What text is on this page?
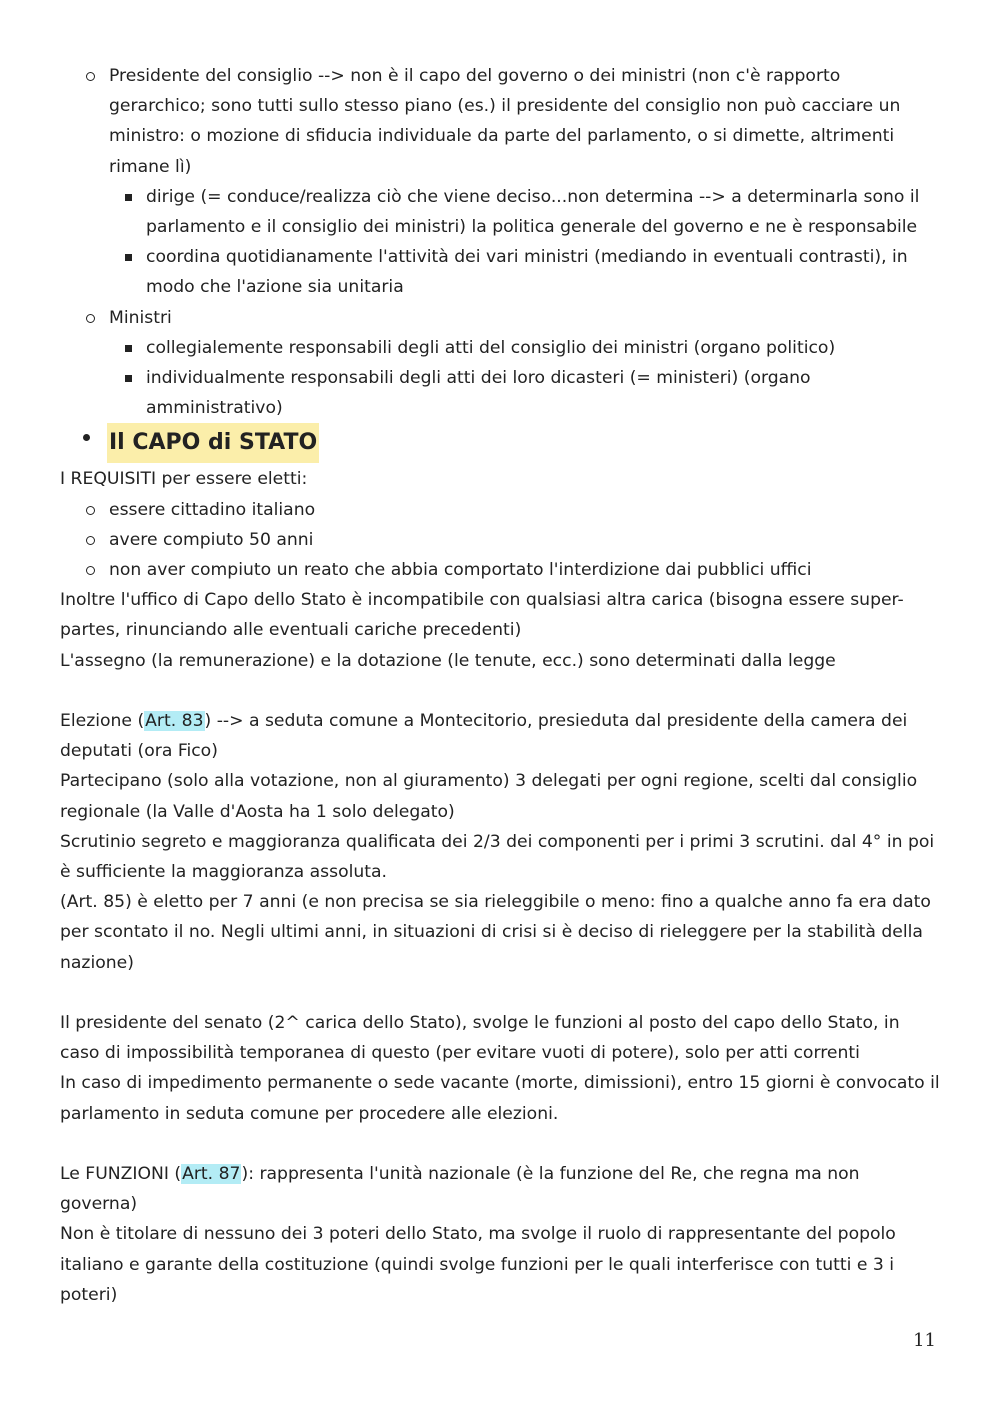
Presidente del consiglio --> non è il capo del governo o dei ministri (non c'è rapporto gerarchico; sono tutti sullo stesso piano (es.) il presidente del consiglio non può cacciare un ministro: o mozione di sfiducia individuale da parte del parlamento, o si dimette, altrimenti rimane lì)
dirige (= conduce/realizza ciò che viene deciso...non determina --> a determinarla sono il parlamento e il consiglio dei ministri) la politica generale del governo e ne è responsabile
coordina quotidianamente l'attività dei vari ministri (mediando in eventuali contrasti), in modo che l'azione sia unitaria
Ministri
collegialemente responsabili degli atti del consiglio dei ministri (organo politico)
individualmente responsabili degli atti dei loro dicasteri (= ministeri) (organo amministrativo)
Il CAPO di STATO

I REQUISITI per essere eletti:

essere cittadino italiano
avere compiuto 50 anni
non aver compiuto un reato che abbia comportato l'interdizione dai pubblici uffici

Inoltre l'uffico di Capo dello Stato è incompatibile con qualsiasi altra carica (bisogna essere super-partes, rinunciando alle eventuali cariche precedenti)

L'assegno (la remunerazione) e la dotazione (le tenute, ecc.) sono determinati dalla legge

Elezione (Art. 83) --> a seduta comune a Montecitorio, presieduta dal presidente della camera dei deputati (ora Fico)

Partecipano (solo alla votazione, non al giuramento) 3 delegati per ogni regione, scelti dal consiglio regionale (la Valle d'Aosta ha 1 solo delegato)

Scrutinio segreto e maggioranza qualificata dei 2/3 dei componenti per i primi 3 scrutini. dal 4° in poi è sufficiente la maggioranza assoluta.

(Art. 85) è eletto per 7 anni (e non precisa se sia rieleggibile o meno: fino a qualche anno fa era dato per scontato il no. Negli ultimi anni, in situazioni di crisi si è deciso di rieleggere per la stabilità della nazione)

Il presidente del senato (2^ carica dello Stato), svolge le funzioni al posto del capo dello Stato, in caso di impossibilità temporanea di questo (per evitare vuoti di potere), solo per atti correnti

In caso di impedimento permanente o sede vacante (morte, dimissioni), entro 15 giorni è convocato il parlamento in seduta comune per procedere alle elezioni.

Le FUNZIONI (Art. 87): rappresenta l'unità nazionale (è la funzione del Re, che regna ma non governa)

Non è titolare di nessuno dei 3 poteri dello Stato, ma svolge il ruolo di rappresentante del popolo italiano e garante della costituzione (quindi svolge funzioni per le quali interferisce con tutti e 3 i poteri)

11
